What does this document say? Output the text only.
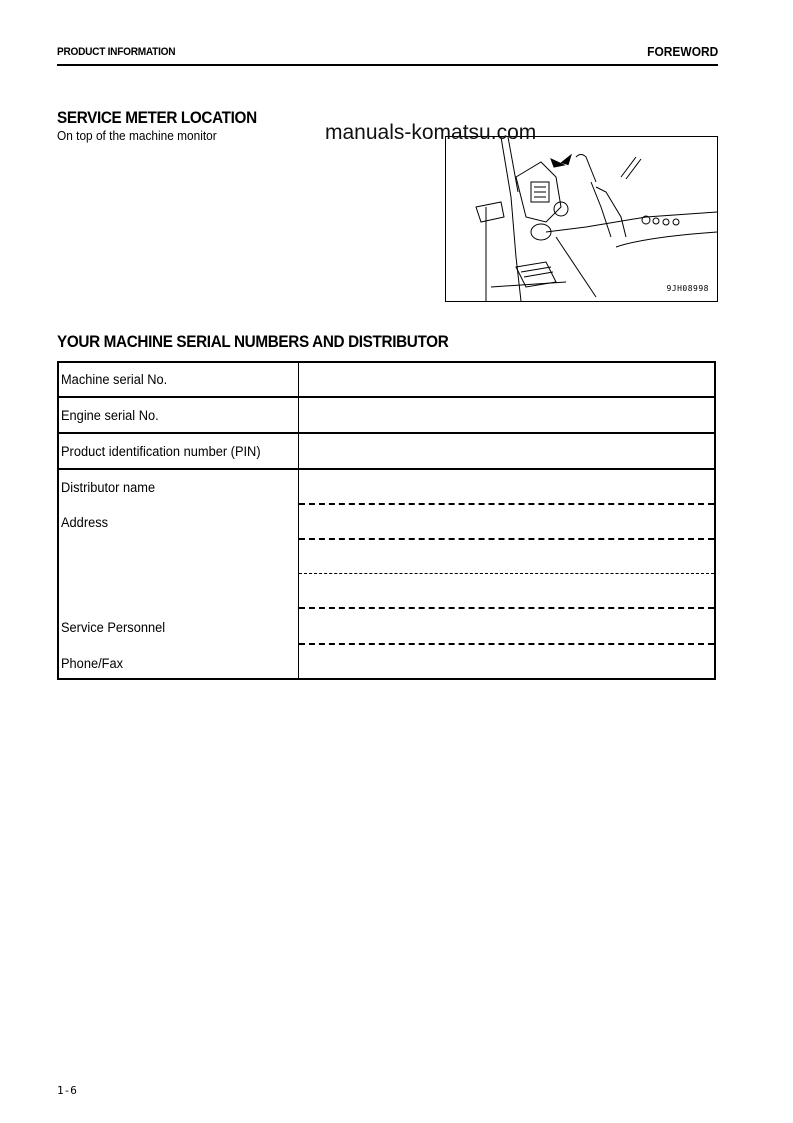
PRODUCT INFORMATION	FOREWORD
SERVICE METER LOCATION
On top of the machine monitor
9JH08998
manuals-komatsu.com
YOUR MACHINE SERIAL NUMBERS AND DISTRIBUTOR
Machine serial No.
Engine serial No.
Product identification number (PIN)
Distributor name
Address
Service Personnel
Phone/Fax
1-6
